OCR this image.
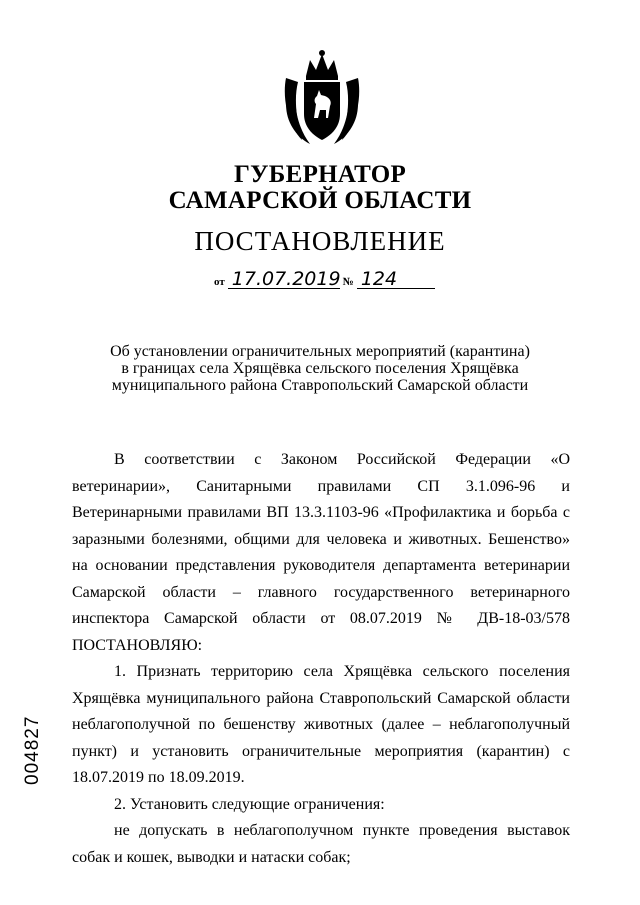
ГУБЕРНАТОР
САМАРСКОЙ ОБЛАСТИ
ПОСТАНОВЛЕНИЕ
от 17.07.2019 № 124
Об установлении ограничительных мероприятий (карантина)
в границах села Хрящёвка сельского поселения Хрящёвка
муниципального района Ставропольский Самарской области

В соответствии с Законом Российской Федерации «О ветеринарии», Санитарными правилами СП 3.1.096-96 и Ветеринарными правилами ВП 13.3.1103-96 «Профилактика и борьба с заразными болезнями, общими для человека и животных. Бешенство» на основании представления руководителя департамента ветеринарии Самарской области – главного государственного ветеринарного инспектора Самарской области от 08.07.2019 № ДВ-18-03/578 ПОСТАНОВЛЯЮ:

1. Признать территорию села Хрящёвка сельского поселения Хрящёвка муниципального района Ставропольский Самарской области неблагополучной по бешенству животных (далее – неблагополучный пункт) и установить ограничительные мероприятия (карантин) с 18.07.2019 по 18.09.2019.

2. Установить следующие ограничения:

не допускать в неблагополучном пункте проведения выставок собак и кошек, выводки и натаски собак;

004827
